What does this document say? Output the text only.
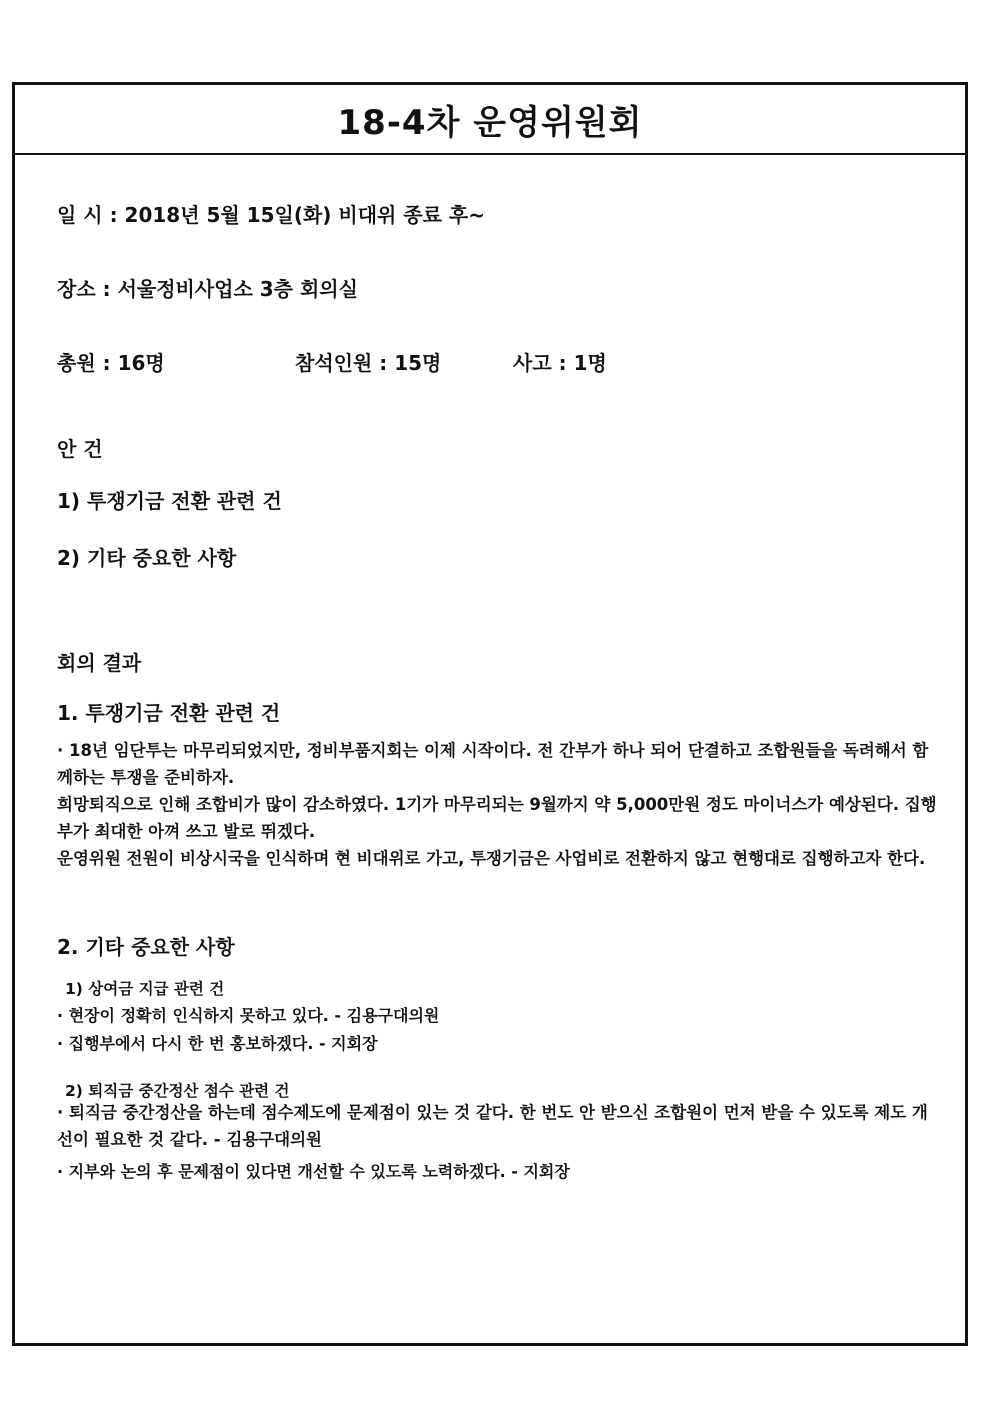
18-4차 운영위원회
일 시 : 2018년 5월 15일(화) 비대위 종료 후~
장소 : 서울정비사업소 3층 회의실
총원 : 16명	참석인원 : 15명	사고 : 1명
안 건
1) 투쟁기금 전환 관련 건
2) 기타 중요한 사항
회의 결과
1. 투쟁기금 전환 관련 건
· 18년 임단투는 마무리되었지만, 정비부품지회는 이제 시작이다. 전 간부가 하나 되어 단결하고 조합원들을 독려해서 함께하는 투쟁을 준비하자.
희망퇴직으로 인해 조합비가 많이 감소하였다. 1기가 마무리되는 9월까지 약 5,000만원 정도 마이너스가 예상된다. 집행부가 최대한 아껴 쓰고 발로 뛰겠다.
운영위원 전원이 비상시국을 인식하며 현 비대위로 가고, 투쟁기금은 사업비로 전환하지 않고 현행대로 집행하고자 한다.
2. 기타 중요한 사항
1) 상여금 지급 관련 건
· 현장이 정확히 인식하지 못하고 있다. - 김용구대의원
· 집행부에서 다시 한 번 홍보하겠다. - 지회장
2) 퇴직금 중간정산 점수 관련 건
· 퇴직금 중간정산을 하는데 점수제도에 문제점이 있는 것 같다. 한 번도 안 받으신 조합원이 먼저 받을 수 있도록 제도 개선이 필요한 것 같다. - 김용구대의원
· 지부와 논의 후 문제점이 있다면 개선할 수 있도록 노력하겠다. - 지회장
